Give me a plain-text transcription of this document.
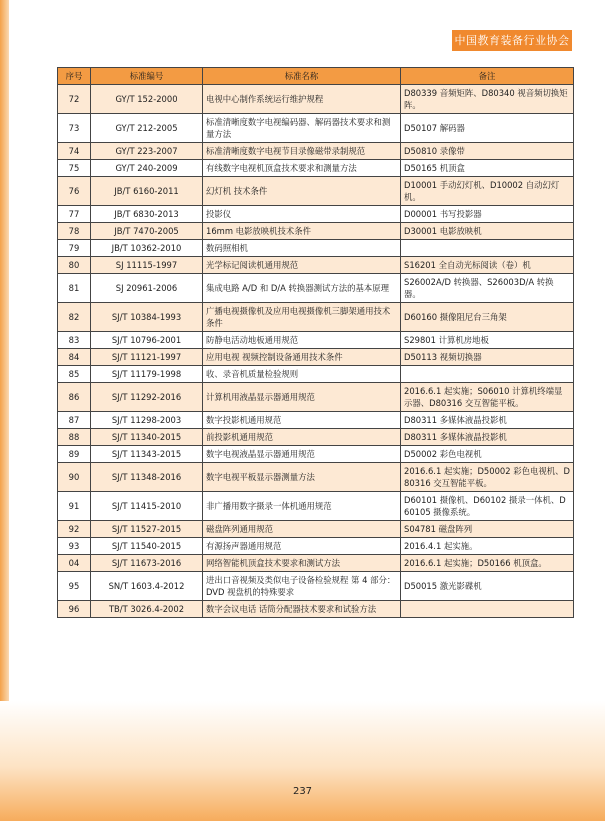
中国教育装备行业协会
序号	标准编号	标准名称	备注
72	GY/T 152-2000	电视中心制作系统运行维护规程	D80339 音频矩阵、D80340 视音频切换矩阵。
73	GY/T 212-2005	标准清晰度数字电视编码器、解码器技术要求和测量方法	D50107 解码器
74	GY/T 223-2007	标准清晰度数字电视节目录像磁带录制规范	D50810 录像带
75	GY/T 240-2009	有线数字电视机顶盒技术要求和测量方法	D50165 机顶盒
76	JB/T 6160-2011	幻灯机 技术条件	D10001 手动幻灯机、D10002 自动幻灯机。
77	JB/T 6830-2013	投影仪	D00001 书写投影器
78	JB/T 7470-2005	16mm 电影放映机技术条件	D30001 电影放映机
79	JB/T 10362-2010	数码照相机	
80	SJ 11115-1997	光学标记阅读机通用规范	S16201 全自动光标阅读（卷）机
81	SJ 20961-2006	集成电路 A/D 和 D/A 转换器测试方法的基本原理	S26002A/D 转换器、S26003D/A 转换器。
82	SJ/T 10384-1993	广播电视摄像机及应用电视摄像机三脚架通用技术条件	D60160 摄像阻尼台三角架
83	SJ/T 10796-2001	防静电活动地板通用规范	S29801 计算机房地板
84	SJ/T 11121-1997	应用电视 视频控制设备通用技术条件	D50113 视频切换器
85	SJ/T 11179-1998	收、录音机质量检验规则	
86	SJ/T 11292-2016	计算机用液晶显示器通用规范	2016.6.1 起实施；S06010 计算机终端显示器、D80316 交互智能平板。
87	SJ/T 11298-2003	数字投影机通用规范	D80311 多媒体液晶投影机
88	SJ/T 11340-2015	前投影机通用规范	D80311 多媒体液晶投影机
89	SJ/T 11343-2015	数字电视液晶显示器通用规范	D50002 彩色电视机
90	SJ/T 11348-2016	数字电视平板显示器测量方法	2016.6.1 起实施；D50002 彩色电视机、D80316 交互智能平板。
91	SJ/T 11415-2010	非广播用数字摄录一体机通用规范	D60101 摄像机、D60102 摄录一体机、D60105 摄像系统。
92	SJ/T 11527-2015	磁盘阵列通用规范	S04781 磁盘阵列
93	SJ/T 11540-2015	有源扬声器通用规范	2016.4.1 起实施。
04	SJ/T 11673-2016	网络智能机顶盒技术要求和测试方法	2016.6.1 起实施；D50166 机顶盒。
95	SN/T 1603.4-2012	进出口音视频及类似电子设备检验规程 第 4 部分：DVD 视盘机的特殊要求	D50015 激光影碟机
96	TB/T 3026.4-2002	数字会议电话 话筒分配器技术要求和试验方法	
237
